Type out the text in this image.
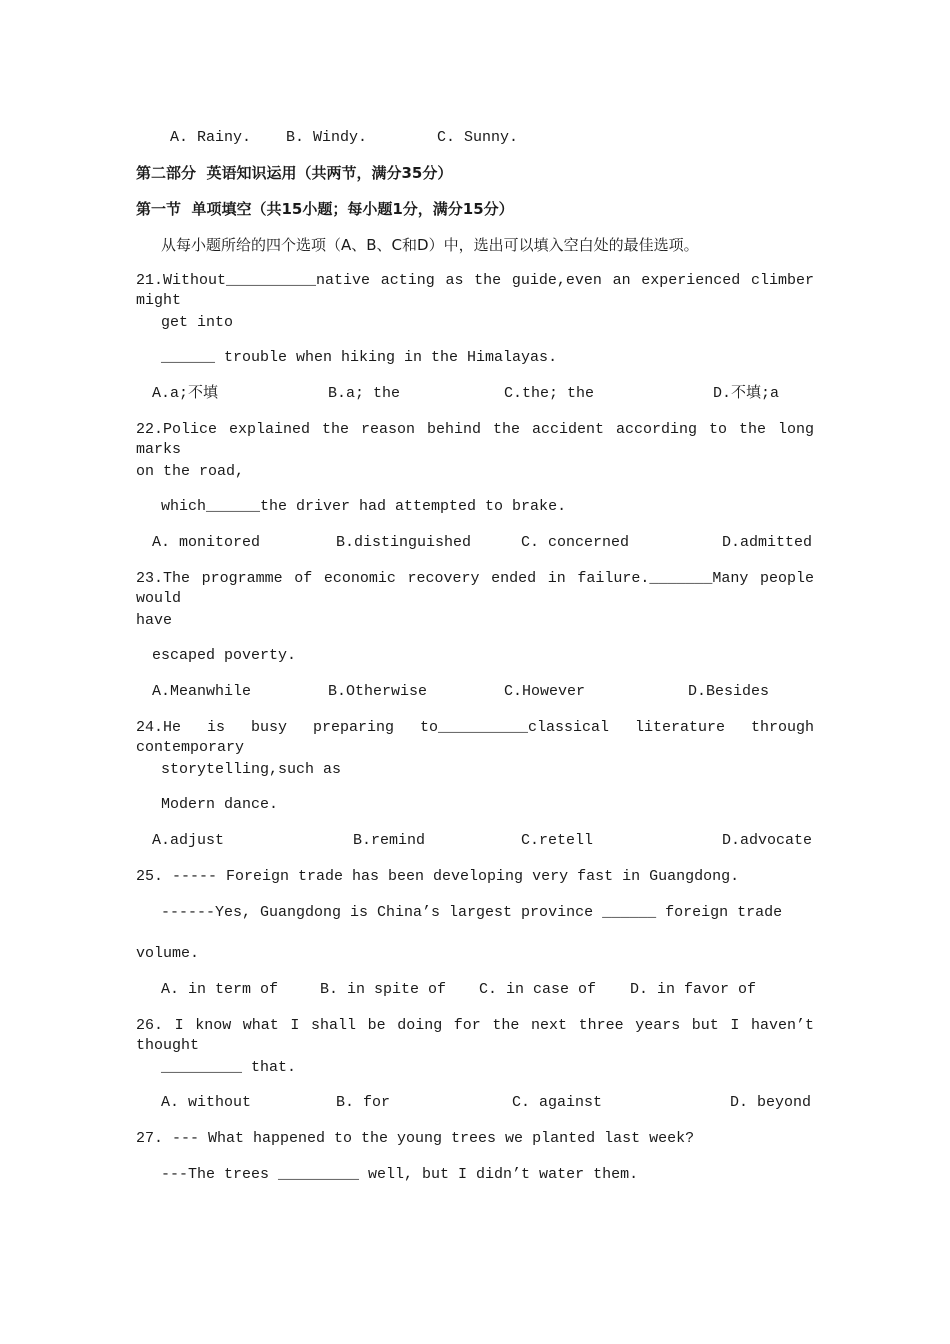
A. Rainy. B. Windy.	C. Sunny.
第二部分  英语知识运用（共两节，满分35分）
第一节  单项填空（共15小题；每小题1分，满分15分）
从每小题所给的四个选项（A、B、C和D）中，选出可以填入空白处的最佳选项。
21.Without__________native acting as the guide,even an experienced climber might
get into
______ trouble when hiking in the Himalayas.
A.a;不填	B.a; the	C.the; the	D.不填;a
22.Police explained the reason behind the accident according to the long marks
on the road,
which______the driver had attempted to brake.
A. monitored	B.distinguished	C. concerned	D.admitted
23.The programme of economic recovery ended in failure._______Many people would
have
escaped poverty.
A.Meanwhile	B.Otherwise	C.However	D.Besides
24.He is busy preparing to__________classical literature through contemporary
storytelling,such as
Modern dance.
A.adjust	B.remind	C.retell	D.advocate
25. ----- Foreign trade has been developing very fast in Guangdong.
------Yes, Guangdong is China’s largest province ______ foreign trade
volume.
A. in term of	B. in spite of C. in case of D. in favor of
26. I know what I shall be doing for the next three years but I haven’t thought
_________ that.
A. without	B. for	C. against	D. beyond
27. --- What happened to the young trees we planted last week?
---The trees _________ well, but I didn’t water them.
